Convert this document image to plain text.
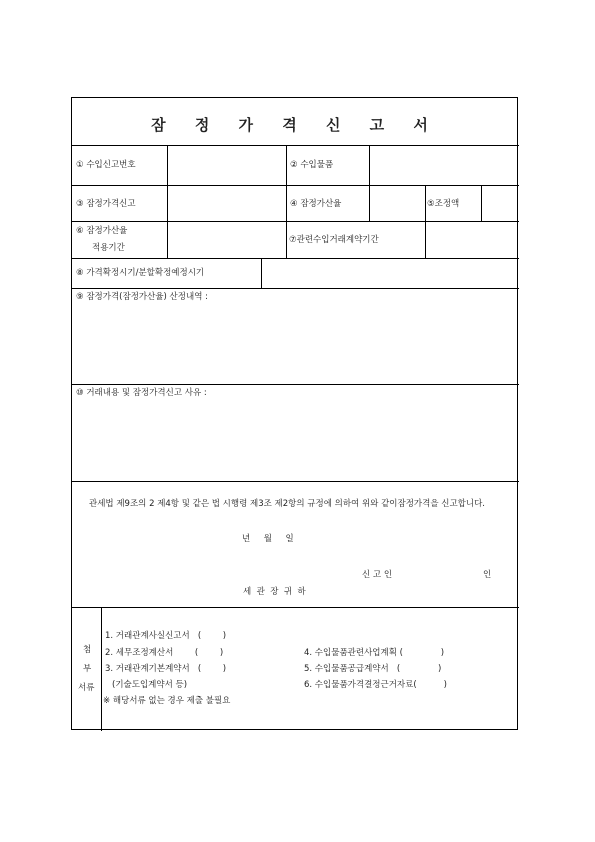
잠 정 가 격 신 고 서
① 수입신고번호	② 수입물품
③ 잠정가격신고	④ 잠정가산율	⑤조정액
⑥ 잠정가산율
적용기간
⑦관련수입거래계약기간
⑧ 가격확정시기/분할확정예정시기
⑨ 잠정가격(잠정가산율) 산정내역 :
⑩ 거래내용 및 잠정가격신고 사유 :
관세법 제9조의 2 제4항 및 같은 법 시행령 제3조 제2항의 규정에 의하여 위와 같이잠정가격을 신고합니다.
년     월     일
신 고 인	인
세  관  장  귀  하
첨
부
서류
1. 거래관계사실신고서   (        )
2. 세무조정계산서        (        )
3. 거래관계기본계약서   (        )
(기술도입계약서 등)
4. 수입물품관련사업계획 (              )
5. 수입물품공급계약서   (              )
6. 수입물품가격결정근거자료(          )
※ 해당서류 없는 경우 제출 불필요
